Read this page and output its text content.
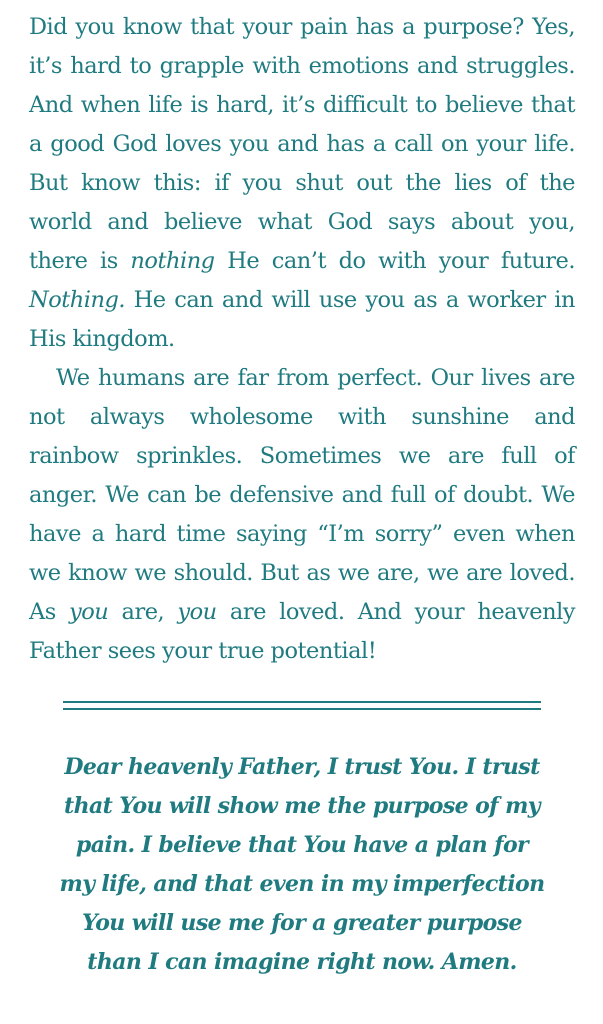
Did you know that your pain has a purpose? Yes, it’s hard to grapple with emotions and struggles. And when life is hard, it’s difficult to believe that a good God loves you and has a call on your life. But know this: if you shut out the lies of the world and believe what God says about you, there is nothing He can’t do with your future. Nothing. He can and will use you as a worker in His kingdom.

We humans are far from perfect. Our lives are not always wholesome with sunshine and rainbow sprinkles. Sometimes we are full of anger. We can be defensive and full of doubt. We have a hard time saying “I’m sorry” even when we know we should. But as we are, we are loved. As you are, you are loved. And your heavenly Father sees your true potential!

Dear heavenly Father, I trust You. I trust
that You will show me the purpose of my
pain. I believe that You have a plan for
my life, and that even in my imperfection
You will use me for a greater purpose
than I can imagine right now. Amen.
